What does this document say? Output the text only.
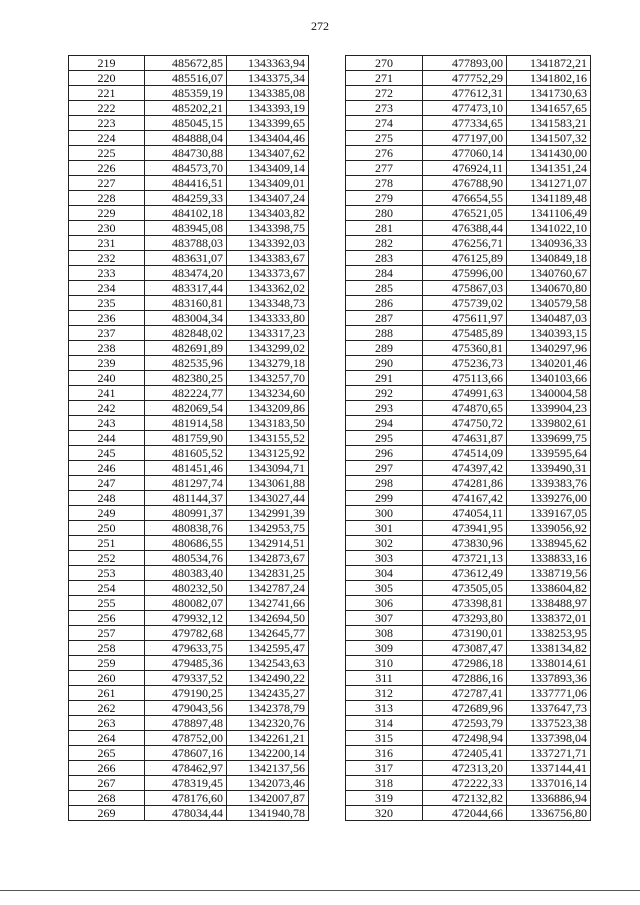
272
219	485672,85	1343363,94
220	485516,07	1343375,34
221	485359,19	1343385,08
222	485202,21	1343393,19
223	485045,15	1343399,65
224	484888,04	1343404,46
225	484730,88	1343407,62
226	484573,70	1343409,14
227	484416,51	1343409,01
228	484259,33	1343407,24
229	484102,18	1343403,82
230	483945,08	1343398,75
231	483788,03	1343392,03
232	483631,07	1343383,67
233	483474,20	1343373,67
234	483317,44	1343362,02
235	483160,81	1343348,73
236	483004,34	1343333,80
237	482848,02	1343317,23
238	482691,89	1343299,02
239	482535,96	1343279,18
240	482380,25	1343257,70
241	482224,77	1343234,60
242	482069,54	1343209,86
243	481914,58	1343183,50
244	481759,90	1343155,52
245	481605,52	1343125,92
246	481451,46	1343094,71
247	481297,74	1343061,88
248	481144,37	1343027,44
249	480991,37	1342991,39
250	480838,76	1342953,75
251	480686,55	1342914,51
252	480534,76	1342873,67
253	480383,40	1342831,25
254	480232,50	1342787,24
255	480082,07	1342741,66
256	479932,12	1342694,50
257	479782,68	1342645,77
258	479633,75	1342595,47
259	479485,36	1342543,63
260	479337,52	1342490,22
261	479190,25	1342435,27
262	479043,56	1342378,79
263	478897,48	1342320,76
264	478752,00	1342261,21
265	478607,16	1342200,14
266	478462,97	1342137,56
267	478319,45	1342073,46
268	478176,60	1342007,87
269	478034,44	1341940,78
270	477893,00	1341872,21
271	477752,29	1341802,16
272	477612,31	1341730,63
273	477473,10	1341657,65
274	477334,65	1341583,21
275	477197,00	1341507,32
276	477060,14	1341430,00
277	476924,11	1341351,24
278	476788,90	1341271,07
279	476654,55	1341189,48
280	476521,05	1341106,49
281	476388,44	1341022,10
282	476256,71	1340936,33
283	476125,89	1340849,18
284	475996,00	1340760,67
285	475867,03	1340670,80
286	475739,02	1340579,58
287	475611,97	1340487,03
288	475485,89	1340393,15
289	475360,81	1340297,96
290	475236,73	1340201,46
291	475113,66	1340103,66
292	474991,63	1340004,58
293	474870,65	1339904,23
294	474750,72	1339802,61
295	474631,87	1339699,75
296	474514,09	1339595,64
297	474397,42	1339490,31
298	474281,86	1339383,76
299	474167,42	1339276,00
300	474054,11	1339167,05
301	473941,95	1339056,92
302	473830,96	1338945,62
303	473721,13	1338833,16
304	473612,49	1338719,56
305	473505,05	1338604,82
306	473398,81	1338488,97
307	473293,80	1338372,01
308	473190,01	1338253,95
309	473087,47	1338134,82
310	472986,18	1338014,61
311	472886,16	1337893,36
312	472787,41	1337771,06
313	472689,96	1337647,73
314	472593,79	1337523,38
315	472498,94	1337398,04
316	472405,41	1337271,71
317	472313,20	1337144,41
318	472222,33	1337016,14
319	472132,82	1336886,94
320	472044,66	1336756,80
